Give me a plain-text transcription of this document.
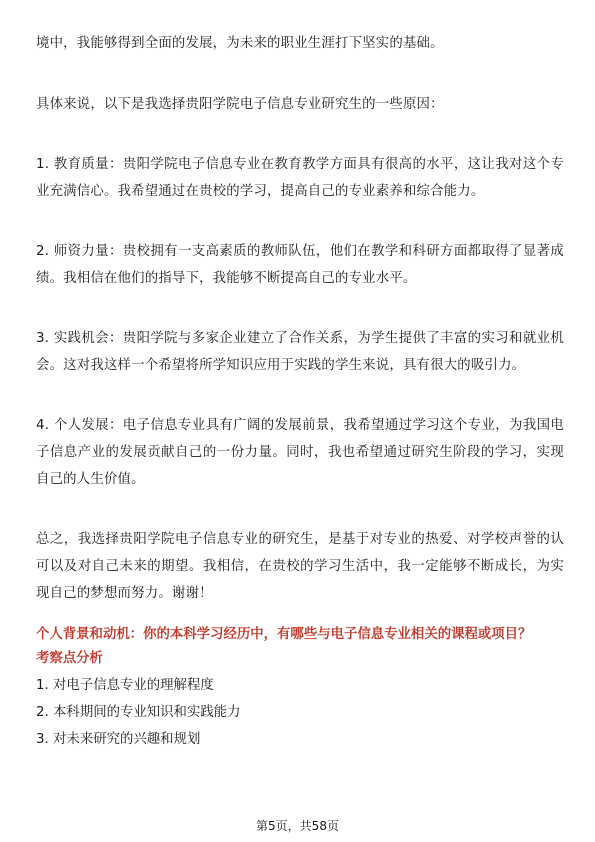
境中，我能够得到全面的发展，为未来的职业生涯打下坚实的基础。

具体来说，以下是我选择贵阳学院电子信息专业研究生的一些原因：

1. 教育质量：贵阳学院电子信息专业在教育教学方面具有很高的水平，这让我对这个专业充满信心。我希望通过在贵校的学习，提高自己的专业素养和综合能力。

2. 师资力量：贵校拥有一支高素质的教师队伍，他们在教学和科研方面都取得了显著成绩。我相信在他们的指导下，我能够不断提高自己的专业水平。

3. 实践机会：贵阳学院与多家企业建立了合作关系，为学生提供了丰富的实习和就业机会。这对我这样一个希望将所学知识应用于实践的学生来说，具有很大的吸引力。

4. 个人发展：电子信息专业具有广阔的发展前景，我希望通过学习这个专业，为我国电子信息产业的发展贡献自己的一份力量。同时，我也希望通过研究生阶段的学习，实现自己的人生价值。

总之，我选择贵阳学院电子信息专业的研究生，是基于对专业的热爱、对学校声誉的认可以及对自己未来的期望。我相信，在贵校的学习生活中，我一定能够不断成长，为实现自己的梦想而努力。谢谢！

个人背景和动机：你的本科学习经历中，有哪些与电子信息专业相关的课程或项目？

考察点分析

1. 对电子信息专业的理解程度

2. 本科期间的专业知识和实践能力

3. 对未来研究的兴趣和规划

第5页，共58页
